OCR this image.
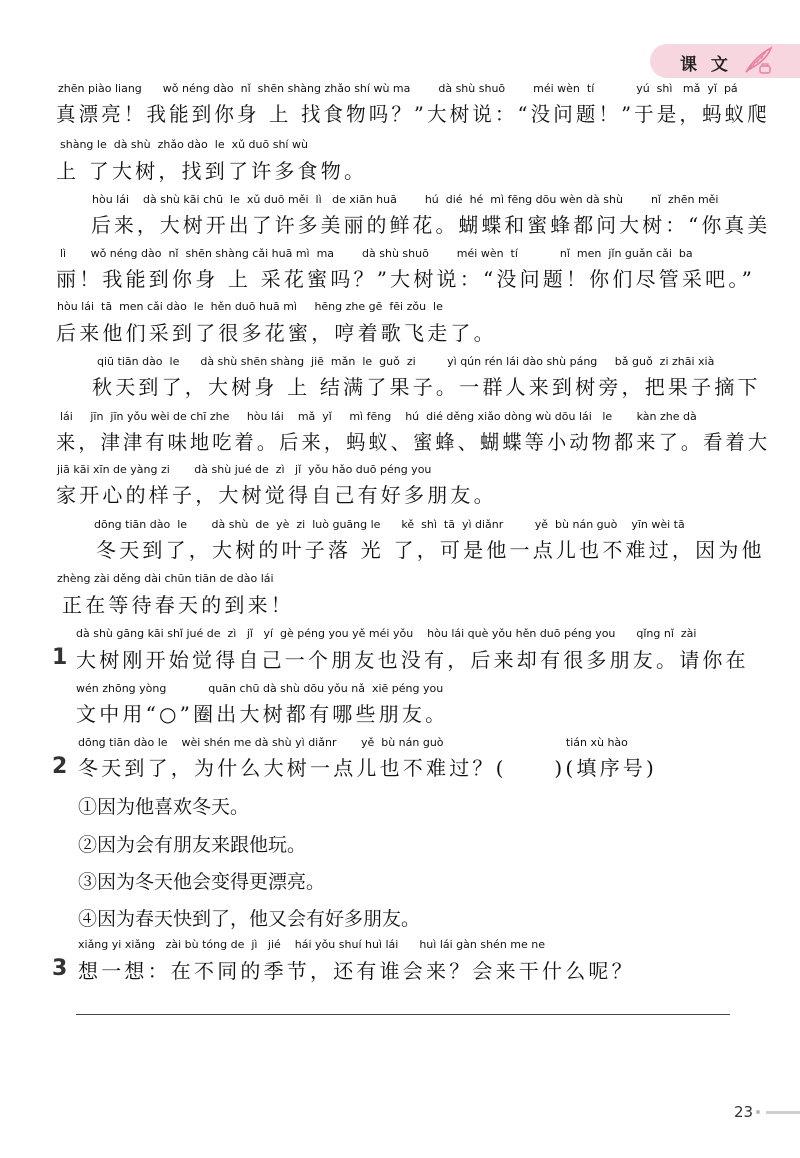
课 文
zhēn piào liang      wǒ néng dào  nǐ  shēn shàng zhǎo shí wù ma        dà shù shuō        méi wèn  tí            yú  shì   mǎ  yǐ  pá
真漂亮！我能到你身 上 找食物吗？”大树说：“没问题！”于是，蚂蚁爬
shàng le  dà shù  zhǎo dào  le  xǔ duō shí wù
上 了大树，找到了许多食物。
hòu lái    dà shù kāi chū  le  xǔ duō měi  lì   de xiān huā        hú  dié  hé  mì fēng dōu wèn dà shù        nǐ  zhēn měi
后来，大树开出了许多美丽的鲜花。蝴蝶和蜜蜂都问大树：“你真美
lì       wǒ néng dào  nǐ  shēn shàng cǎi huā mì  ma        dà shù shuō        méi wèn  tí            nǐ  men  jǐn guǎn cǎi  ba
丽！我能到你身 上 采花蜜吗？”大树说：“没问题！你们尽管采吧。”
hòu lái  tā  men cǎi dào  le  hěn duō huā mì     hēng zhe gē  fēi zǒu  le
后来他们采到了很多花蜜，哼着歌飞走了。
qiū tiān dào  le      dà shù shēn shàng  jiē  mǎn  le  guǒ  zi         yì qún rén lái dào shù páng     bǎ guǒ  zi zhāi xià
秋天到了，大树身 上 结满了果子。一群人来到树旁，把果子摘下
lái     jīn  jīn yǒu wèi de chī zhe     hòu lái    mǎ  yǐ     mì fēng    hú  dié děng xiǎo dòng wù dōu lái   le       kàn zhe dà
来，津津有味地吃着。后来，蚂蚁、蜜蜂、蝴蝶等小动物都来了。看着大
jiā kāi xīn de yàng zi       dà shù jué de  zì   jǐ  yǒu hǎo duō péng you
家开心的样子，大树觉得自己有好多朋友。
dōng tiān dào  le       dà shù  de  yè  zi  luò guāng le      kě  shì  tā  yì diǎnr         yě  bù nán guò    yīn wèi tā
冬天到了，大树的叶子落 光 了，可是他一点儿也不难过，因为他
zhèng zài děng dài chūn tiān de dào lái
正在等待春天的到来！
1
dà shù gāng kāi shǐ jué de  zì   jǐ   yí  gè péng you yě méi yǒu    hòu lái què yǒu hěn duō péng you      qǐng nǐ  zài
大树刚开始觉得自己一个朋友也没有，后来却有很多朋友。请你在
wén zhōng yòng            quān chū dà shù dōu yǒu nǎ  xiē péng you
文中用“○”圈出大树都有哪些朋友。
2
dōng tiān dào le    wèi shén me dà shù yì diǎnr       yě  bù nán guò                                   tián xù hào
冬天到了，为什么大树一点儿也不难过？(     )(填序号)
①因为他喜欢冬天。
②因为会有朋友来跟他玩。
③因为冬天他会变得更漂亮。
④因为春天快到了，他又会有好多朋友。
3
xiǎng yi xiǎng   zài bù tóng de  jì   jié    hái yǒu shuí huì lái      huì lái gàn shén me ne
想一想：在不同的季节，还有谁会来？会来干什么呢？
23
